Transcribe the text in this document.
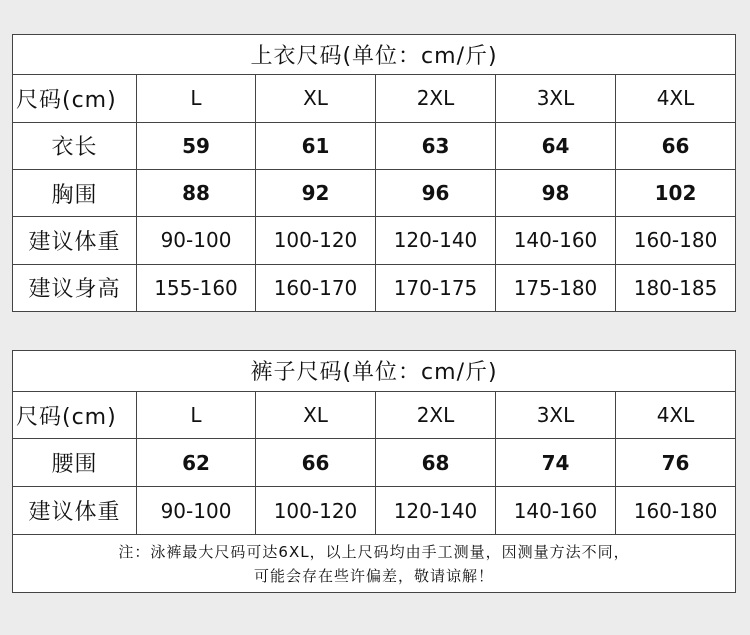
上衣尺码(单位：cm/斤)					
尺码(cm)	L	XL	2XL	3XL	4XL
衣长	59	61	63	64	66
胸围	88	92	96	98	102
建议体重	90-100	100-120	120-140	140-160	160-180
建议身高	155-160	160-170	170-175	175-180	180-185
裤子尺码(单位：cm/斤)					
尺码(cm)	L	XL	2XL	3XL	4XL
腰围	62	66	68	74	76
建议体重	90-100	100-120	120-140	140-160	160-180

注：泳裤最大尺码可达6XL，以上尺码均由手工测量，因测量方法不同，
可能会存在些许偏差，敬请谅解！					
